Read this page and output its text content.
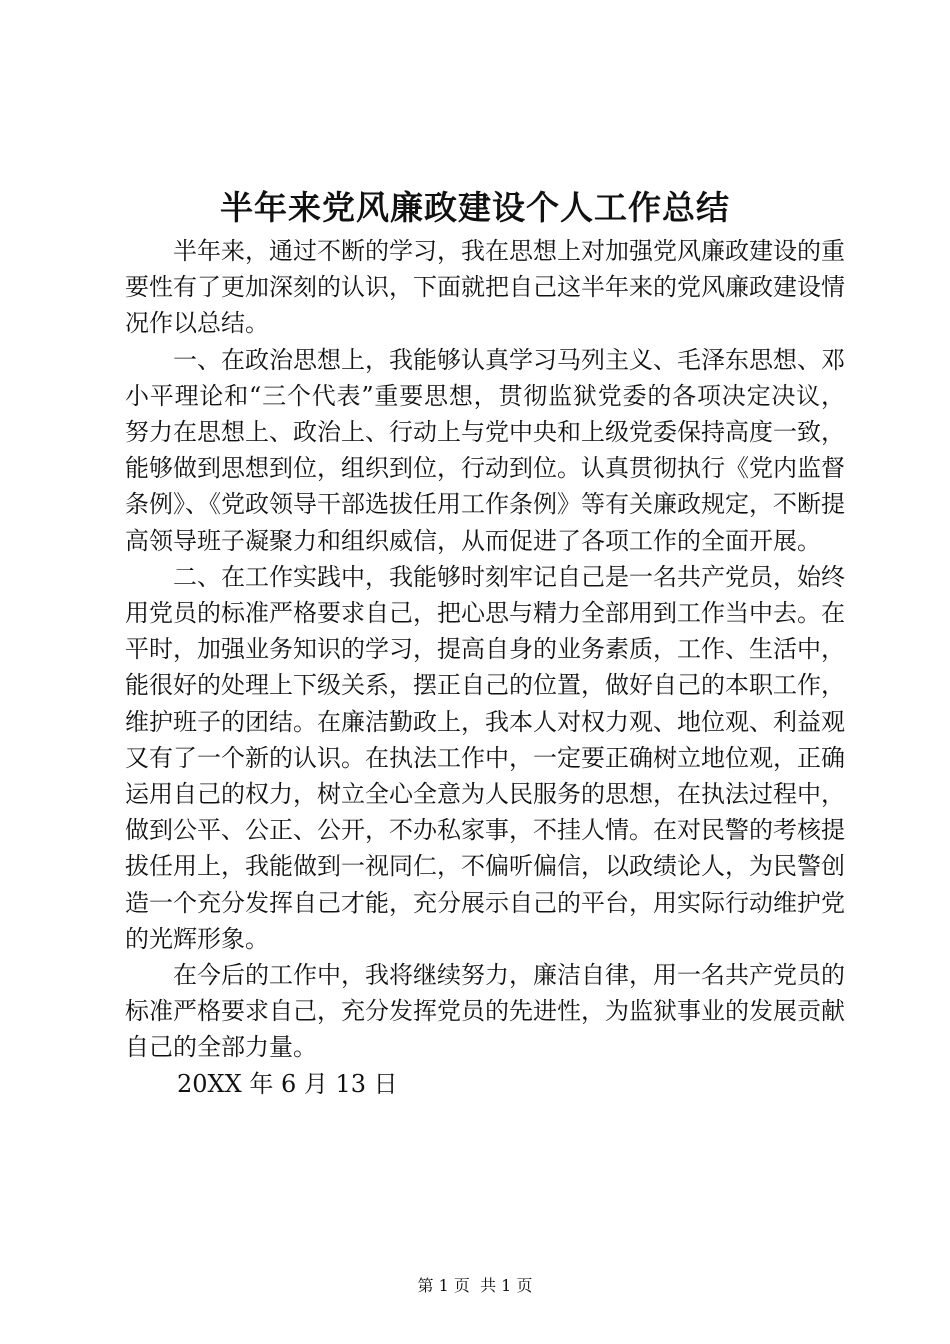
半年来党风廉政建设个人工作总结

半年来，通过不断的学习，我在思想上对加强党风廉政建设的重要性有了更加深刻的认识，下面就把自己这半年来的党风廉政建设情况作以总结。

一、在政治思想上，我能够认真学习马列主义、毛泽东思想、邓小平理论和“三个代表”重要思想，贯彻监狱党委的各项决定决议，努力在思想上、政治上、行动上与党中央和上级党委保持高度一致，能够做到思想到位，组织到位，行动到位。认真贯彻执行《党内监督条例》、《党政领导干部选拔任用工作条例》等有关廉政规定，不断提高领导班子凝聚力和组织威信，从而促进了各项工作的全面开展。

二、在工作实践中，我能够时刻牢记自己是一名共产党员，始终用党员的标准严格要求自己，把心思与精力全部用到工作当中去。在平时，加强业务知识的学习，提高自身的业务素质，工作、生活中，能很好的处理上下级关系，摆正自己的位置，做好自己的本职工作，维护班子的团结。在廉洁勤政上，我本人对权力观、地位观、利益观又有了一个新的认识。在执法工作中，一定要正确树立地位观，正确运用自己的权力，树立全心全意为人民服务的思想，在执法过程中，做到公平、公正、公开，不办私家事，不挂人情。在对民警的考核提拔任用上，我能做到一视同仁，不偏听偏信，以政绩论人，为民警创造一个充分发挥自己才能，充分展示自己的平台，用实际行动维护党的光辉形象。

在今后的工作中，我将继续努力，廉洁自律，用一名共产党员的标准严格要求自己，充分发挥党员的先进性，为监狱事业的发展贡献自己的全部力量。

20XX 年 6 月 13 日

第 1 页  共 1 页
